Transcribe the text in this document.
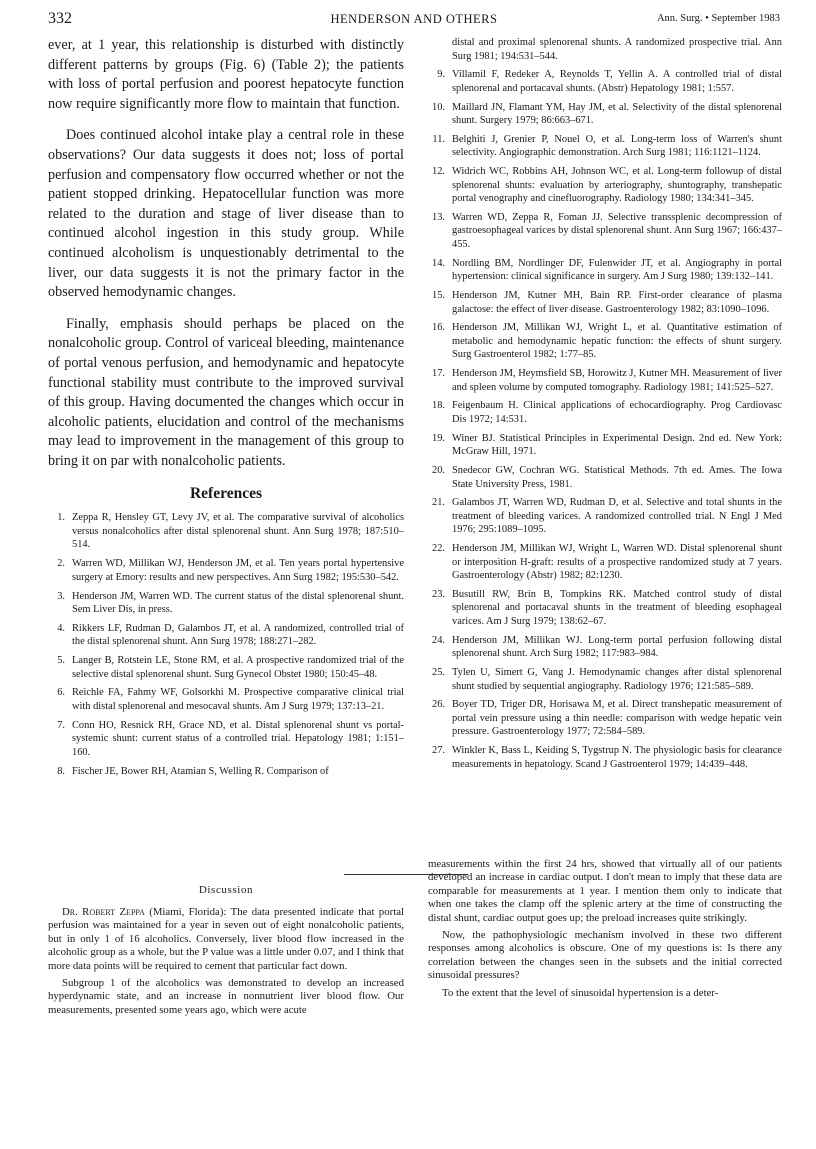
332	HENDERSON AND OTHERS	Ann. Surg. • September 1983

ever, at 1 year, this relationship is disturbed with distinctly different patterns by groups (Fig. 6) (Table 2); the patients with loss of portal perfusion and poorest hepatocyte function now require significantly more flow to maintain that function.

Does continued alcohol intake play a central role in these observations? Our data suggests it does not; loss of portal perfusion and compensatory flow occurred whether or not the patient stopped drinking. Hepatocellular function was more related to the duration and stage of liver disease than to continued alcohol ingestion in this study group. While continued alcoholism is unquestionably detrimental to the liver, our data suggests it is not the primary factor in the observed hemodynamic changes.

Finally, emphasis should perhaps be placed on the nonalcoholic group. Control of variceal bleeding, maintenance of portal venous perfusion, and hemodynamic and hepatocyte functional stability must contribute to the improved survival of this group. Having documented the changes which occur in alcoholic patients, elucidation and control of the mechanisms may lead to improvement in the management of this group to bring it on par with nonalcoholic patients.

References
1. Zeppa R, Hensley GT, Levy JV, et al. The comparative survival of alcoholics versus nonalcoholics after distal splenorenal shunt. Ann Surg 1978; 187:510–514.
2. Warren WD, Millikan WJ, Henderson JM, et al. Ten years portal hypertensive surgery at Emory: results and new perspectives. Ann Surg 1982; 195:530–542.
3. Henderson JM, Warren WD. The current status of the distal splenorenal shunt. Sem Liver Dis, in press.
4. Rikkers LF, Rudman D, Galambos JT, et al. A randomized, controlled trial of the distal splenorenal shunt. Ann Surg 1978; 188:271–282.
5. Langer B, Rotstein LE, Stone RM, et al. A prospective randomized trial of the selective distal splenorenal shunt. Surg Gynecol Obstet 1980; 150:45–48.
6. Reichle FA, Fahmy WF, Golsorkhi M. Prospective comparative clinical trial with distal splenorenal and mesocaval shunts. Am J Surg 1979; 137:13–21.
7. Conn HO, Resnick RH, Grace ND, et al. Distal splenorenal shunt vs portal-systemic shunt: current status of a controlled trial. Hepatology 1981; 1:151–160.
8. Fischer JE, Bower RH, Atamian S, Welling R. Comparison of
distal and proximal splenorenal shunts. A randomized prospective trial. Ann Surg 1981; 194:531–544.
9. Villamil F, Redeker A, Reynolds T, Yellin A. A controlled trial of distal splenorenal and portacaval shunts. (Abstr) Hepatology 1981; 1:557.
10. Maillard JN, Flamant YM, Hay JM, et al. Selectivity of the distal splenorenal shunt. Surgery 1979; 86:663–671.
11. Belghiti J, Grenier P, Nouel O, et al. Long-term loss of Warren's shunt selectivity. Angiographic demonstration. Arch Surg 1981; 116:1121–1124.
12. Widrich WC, Robbins AH, Johnson WC, et al. Long-term followup of distal splenorenal shunts: evaluation by arteriography, shuntography, transhepatic portal venography and cinefluorography. Radiology 1980; 134:341–345.
13. Warren WD, Zeppa R, Foman JJ. Selective transsplenic decompression of gastroesophageal varices by distal splenorenal shunt. Ann Surg 1967; 166:437–455.
14. Nordling BM, Nordlinger DF, Fulenwider JT, et al. Angiography in portal hypertension: clinical significance in surgery. Am J Surg 1980; 139:132–141.
15. Henderson JM, Kutner MH, Bain RP. First-order clearance of plasma galactose: the effect of liver disease. Gastroenterology 1982; 83:1090–1096.
16. Henderson JM, Millikan WJ, Wright L, et al. Quantitative estimation of metabolic and hemodynamic hepatic function: the effects of shunt surgery. Surg Gastroenterol 1982; 1:77–85.
17. Henderson JM, Heymsfield SB, Horowitz J, Kutner MH. Measurement of liver and spleen volume by computed tomography. Radiology 1981; 141:525–527.
18. Feigenbaum H. Clinical applications of echocardiography. Prog Cardiovasc Dis 1972; 14:531.
19. Winer BJ. Statistical Principles in Experimental Design. 2nd ed. New York: McGraw Hill, 1971.
20. Snedecor GW, Cochran WG. Statistical Methods. 7th ed. Ames. The Iowa State University Press, 1981.
21. Galambos JT, Warren WD, Rudman D, et al. Selective and total shunts in the treatment of bleeding varices. A randomized controlled trial. N Engl J Med 1976; 295:1089–1095.
22. Henderson JM, Millikan WJ, Wright L, Warren WD. Distal splenorenal shunt or interposition H-graft: results of a prospective randomized study at 7 years. Gastroenterology (Abstr) 1982; 82:1230.
23. Busutill RW, Brin B, Tompkins RK. Matched control study of distal splenorenal and portacaval shunts in the treatment of bleeding esophageal varices. Am J Surg 1979; 138:62–67.
24. Henderson JM, Millikan WJ. Long-term portal perfusion following distal splenorenal shunt. Arch Surg 1982; 117:983–984.
25. Tylen U, Simert G, Vang J. Hemodynamic changes after distal splenorenal shunt studied by sequential angiography. Radiology 1976; 121:585–589.
26. Boyer TD, Triger DR, Horisawa M, et al. Direct transhepatic measurement of portal vein pressure using a thin needle: comparison with wedge hepatic vein pressure. Gastroenterology 1977; 72:584–589.
27. Winkler K, Bass L, Keiding S, Tygstrup N. The physiologic basis for clearance measurements in hepatology. Scand J Gastroenterol 1979; 14:439–448.
Discussion

Dr. Robert Zeppa (Miami, Florida): The data presented indicate that portal perfusion was maintained for a year in seven out of eight nonalcoholic patients, but in only 1 of 16 alcoholics. Conversely, liver blood flow increased in the alcoholic group as a whole, but the P value was a little under 0.07, and I think that more data points will be required to cement that particular fact down.

Subgroup 1 of the alcoholics was demonstrated to develop an increased hyperdynamic state, and an increase in nonnutrient liver blood flow. Our measurements, presented some years ago, which were acute

measurements within the first 24 hrs, showed that virtually all of our patients developed an increase in cardiac output. I don't mean to imply that these data are comparable for measurements at 1 year. I mention them only to indicate that when one takes the clamp off the splenic artery at the time of constructing the distal shunt, cardiac output goes up; the preload increases quite strikingly.

Now, the pathophysiologic mechanism involved in these two different responses among alcoholics is obscure. One of my questions is: Is there any correlation between the changes seen in the subsets and the initial corrected sinusoidal pressures?

To the extent that the level of sinusoidal hypertension is a deter-
